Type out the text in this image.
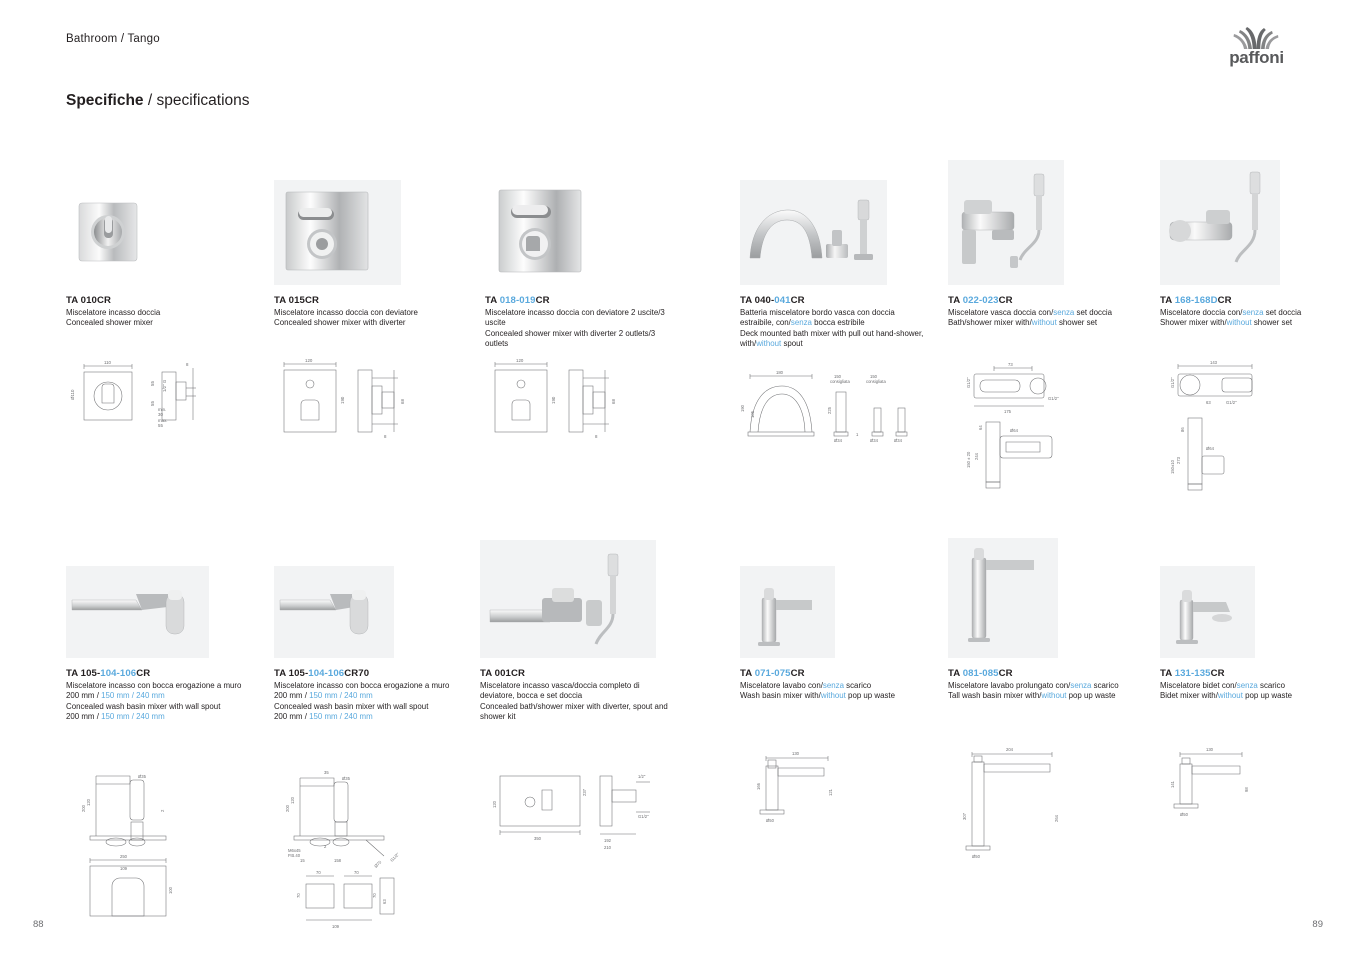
Bathroom / Tango
paffoni
Specifiche / specifications
TA 010CR
Miscelatore incasso doccia
Concealed shower mixer
110
Ø110
55
55
8
1/2" G
min.
30
max.
55
TA 015CR
Miscelatore incasso doccia con deviatore
Concealed shower mixer with diverter
120
190	68
8
TA 018-019CR
Miscelatore incasso doccia con deviatore 2 uscite/3 uscite
Concealed shower mixer with diverter 2 outlets/3 outlets
120
190	68
8
TA 040-041CR
Batteria miscelatore bordo vasca con doccia estraibile, con/senza bocca estribile
Deck mounted bath mixer with pull out hand-shower, with/without spout
180
190
105
150
consigliata
225
Ø34
150
consigliata
Ø34	Ø34
1
TA 022-023CR
Miscelatore vasca doccia con/senza set doccia
Bath/shower mixer with/without shower set
73
175
G1/2"
G1/2"
64
244
150 ± 20
Ø64
TA 168-168DCR
Miscelatore doccia con/senza set doccia
Shower mixer with/without shower set
143
G1/2"
G1/2"
63
86
273
150±10
Ø64
TA 105-104-106CR
Miscelatore incasso con bocca erogazione a muro 200 mm / 150 mm / 240 mm
Concealed wash basin mixer with wall spout
200 mm / 150 mm / 240 mm
120
200
Ø35
2
250
109
100
TA 105-104-106CR70
Miscelatore incasso con bocca erogazione a muro 200 mm / 150 mm / 240 mm
Concealed wash basin mixer with wall spout
200 mm / 150 mm / 240 mm
35
120
200
Ø35
M6x45
P.B.40
2
15	158	G1/2"
Ø70
70	70
70	70
63
109
TA 001CR
Miscelatore incasso vasca/doccia completo di deviatore, bocca e set doccia
Concealed bath/shower mixer with diverter, spout and shower kit
350
120
237
1/2"
G1/2"
192
210
TA 071-075CR
Miscelatore lavabo con/senza scarico
Wash basin mixer with/without pop up waste
130
166
121
Ø50
TA 081-085CR
Miscelatore lavabo prolungato con/senza scarico
Tall wash basin mixer with/without pop up waste
204
307	264
Ø50
TA 131-135CR
Miscelatore bidet con/senza scarico
Bidet mixer with/without pop up waste
130
141
98
Ø50
88	89
